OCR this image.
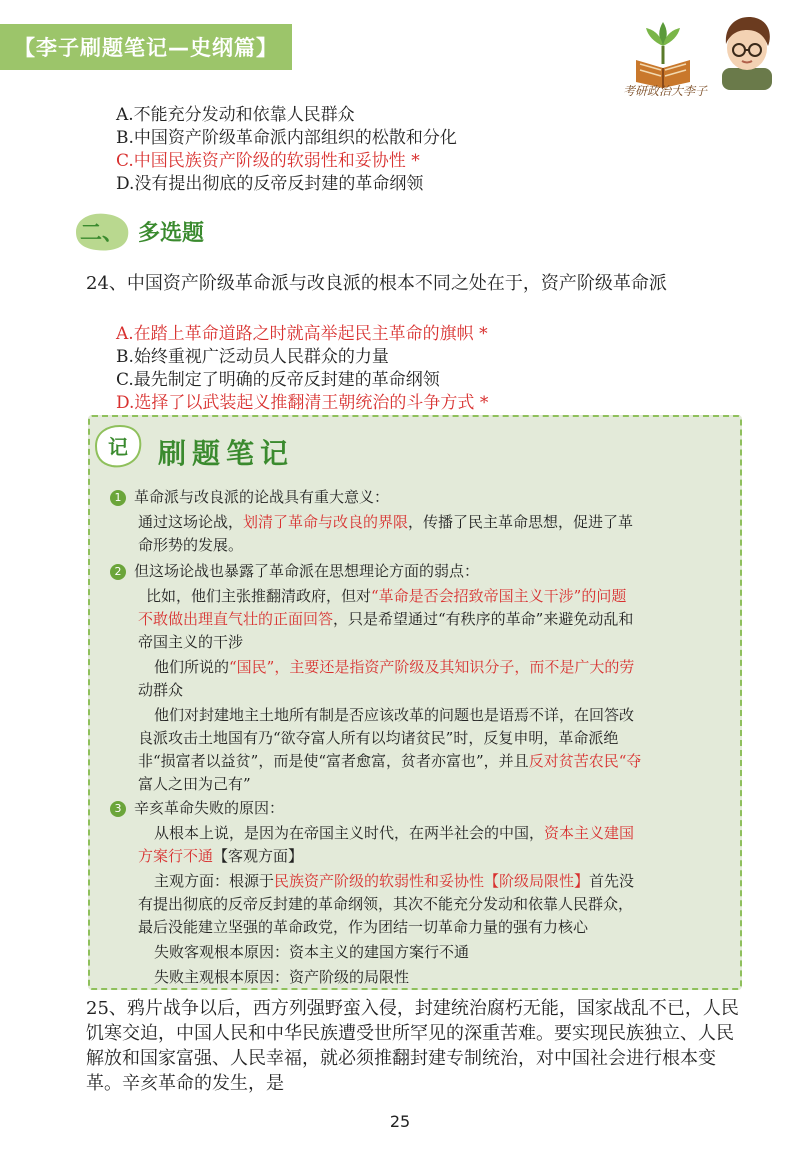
【李子刷题笔记—史纲篇】
考研政治大李子
A.不能充分发动和依靠人民群众
B.中国资产阶级革命派内部组织的松散和分化
C.中国民族资产阶级的软弱性和妥协性 *
D.没有提出彻底的反帝反封建的革命纲领
二、 多选题
24、中国资产阶级革命派与改良派的根本不同之处在于，资产阶级革命派
A.在踏上革命道路之时就高举起民主革命的旗帜 *
B.始终重视广泛动员人民群众的力量
C.最先制定了明确的反帝反封建的革命纲领
D.选择了以武装起义推翻清王朝统治的斗争方式 *
记 刷题笔记
1 革命派与改良派的论战具有重大意义：
通过这场论战，划清了革命与改良的界限，传播了民主革命思想，促进了革
命形势的发展。
2 但这场论战也暴露了革命派在思想理论方面的弱点：
比如，他们主张推翻清政府，但对“革命是否会招致帝国主义干涉”的问题
不敢做出理直气壮的正面回答，只是希望通过“有秩序的革命”来避免动乱和
帝国主义的干涉
他们所说的“国民”，主要还是指资产阶级及其知识分子，而不是广大的劳
动群众
他们对封建地主土地所有制是否应该改革的问题也是语焉不详，在回答改
良派攻击土地国有乃“欲夺富人所有以均诸贫民”时，反复申明，革命派绝
非“损富者以益贫”，而是使“富者愈富，贫者亦富也”，并且反对贫苦农民“夺
富人之田为己有”
3 辛亥革命失败的原因：
从根本上说，是因为在帝国主义时代，在两半社会的中国，资本主义建国
方案行不通【客观方面】
主观方面：根源于民族资产阶级的软弱性和妥协性【阶级局限性】首先没
有提出彻底的反帝反封建的革命纲领，其次不能充分发动和依靠人民群众，
最后没能建立坚强的革命政党，作为团结一切革命力量的强有力核心
失败客观根本原因：资本主义的建国方案行不通
失败主观根本原因：资产阶级的局限性
25、鸦片战争以后，西方列强野蛮入侵，封建统治腐朽无能，国家战乱不已，人民饥寒交迫，中国人民和中华民族遭受世所罕见的深重苦难。要实现民族独立、人民解放和国家富强、人民幸福，就必须推翻封建专制统治，对中国社会进行根本变革。辛亥革命的发生，是
25
